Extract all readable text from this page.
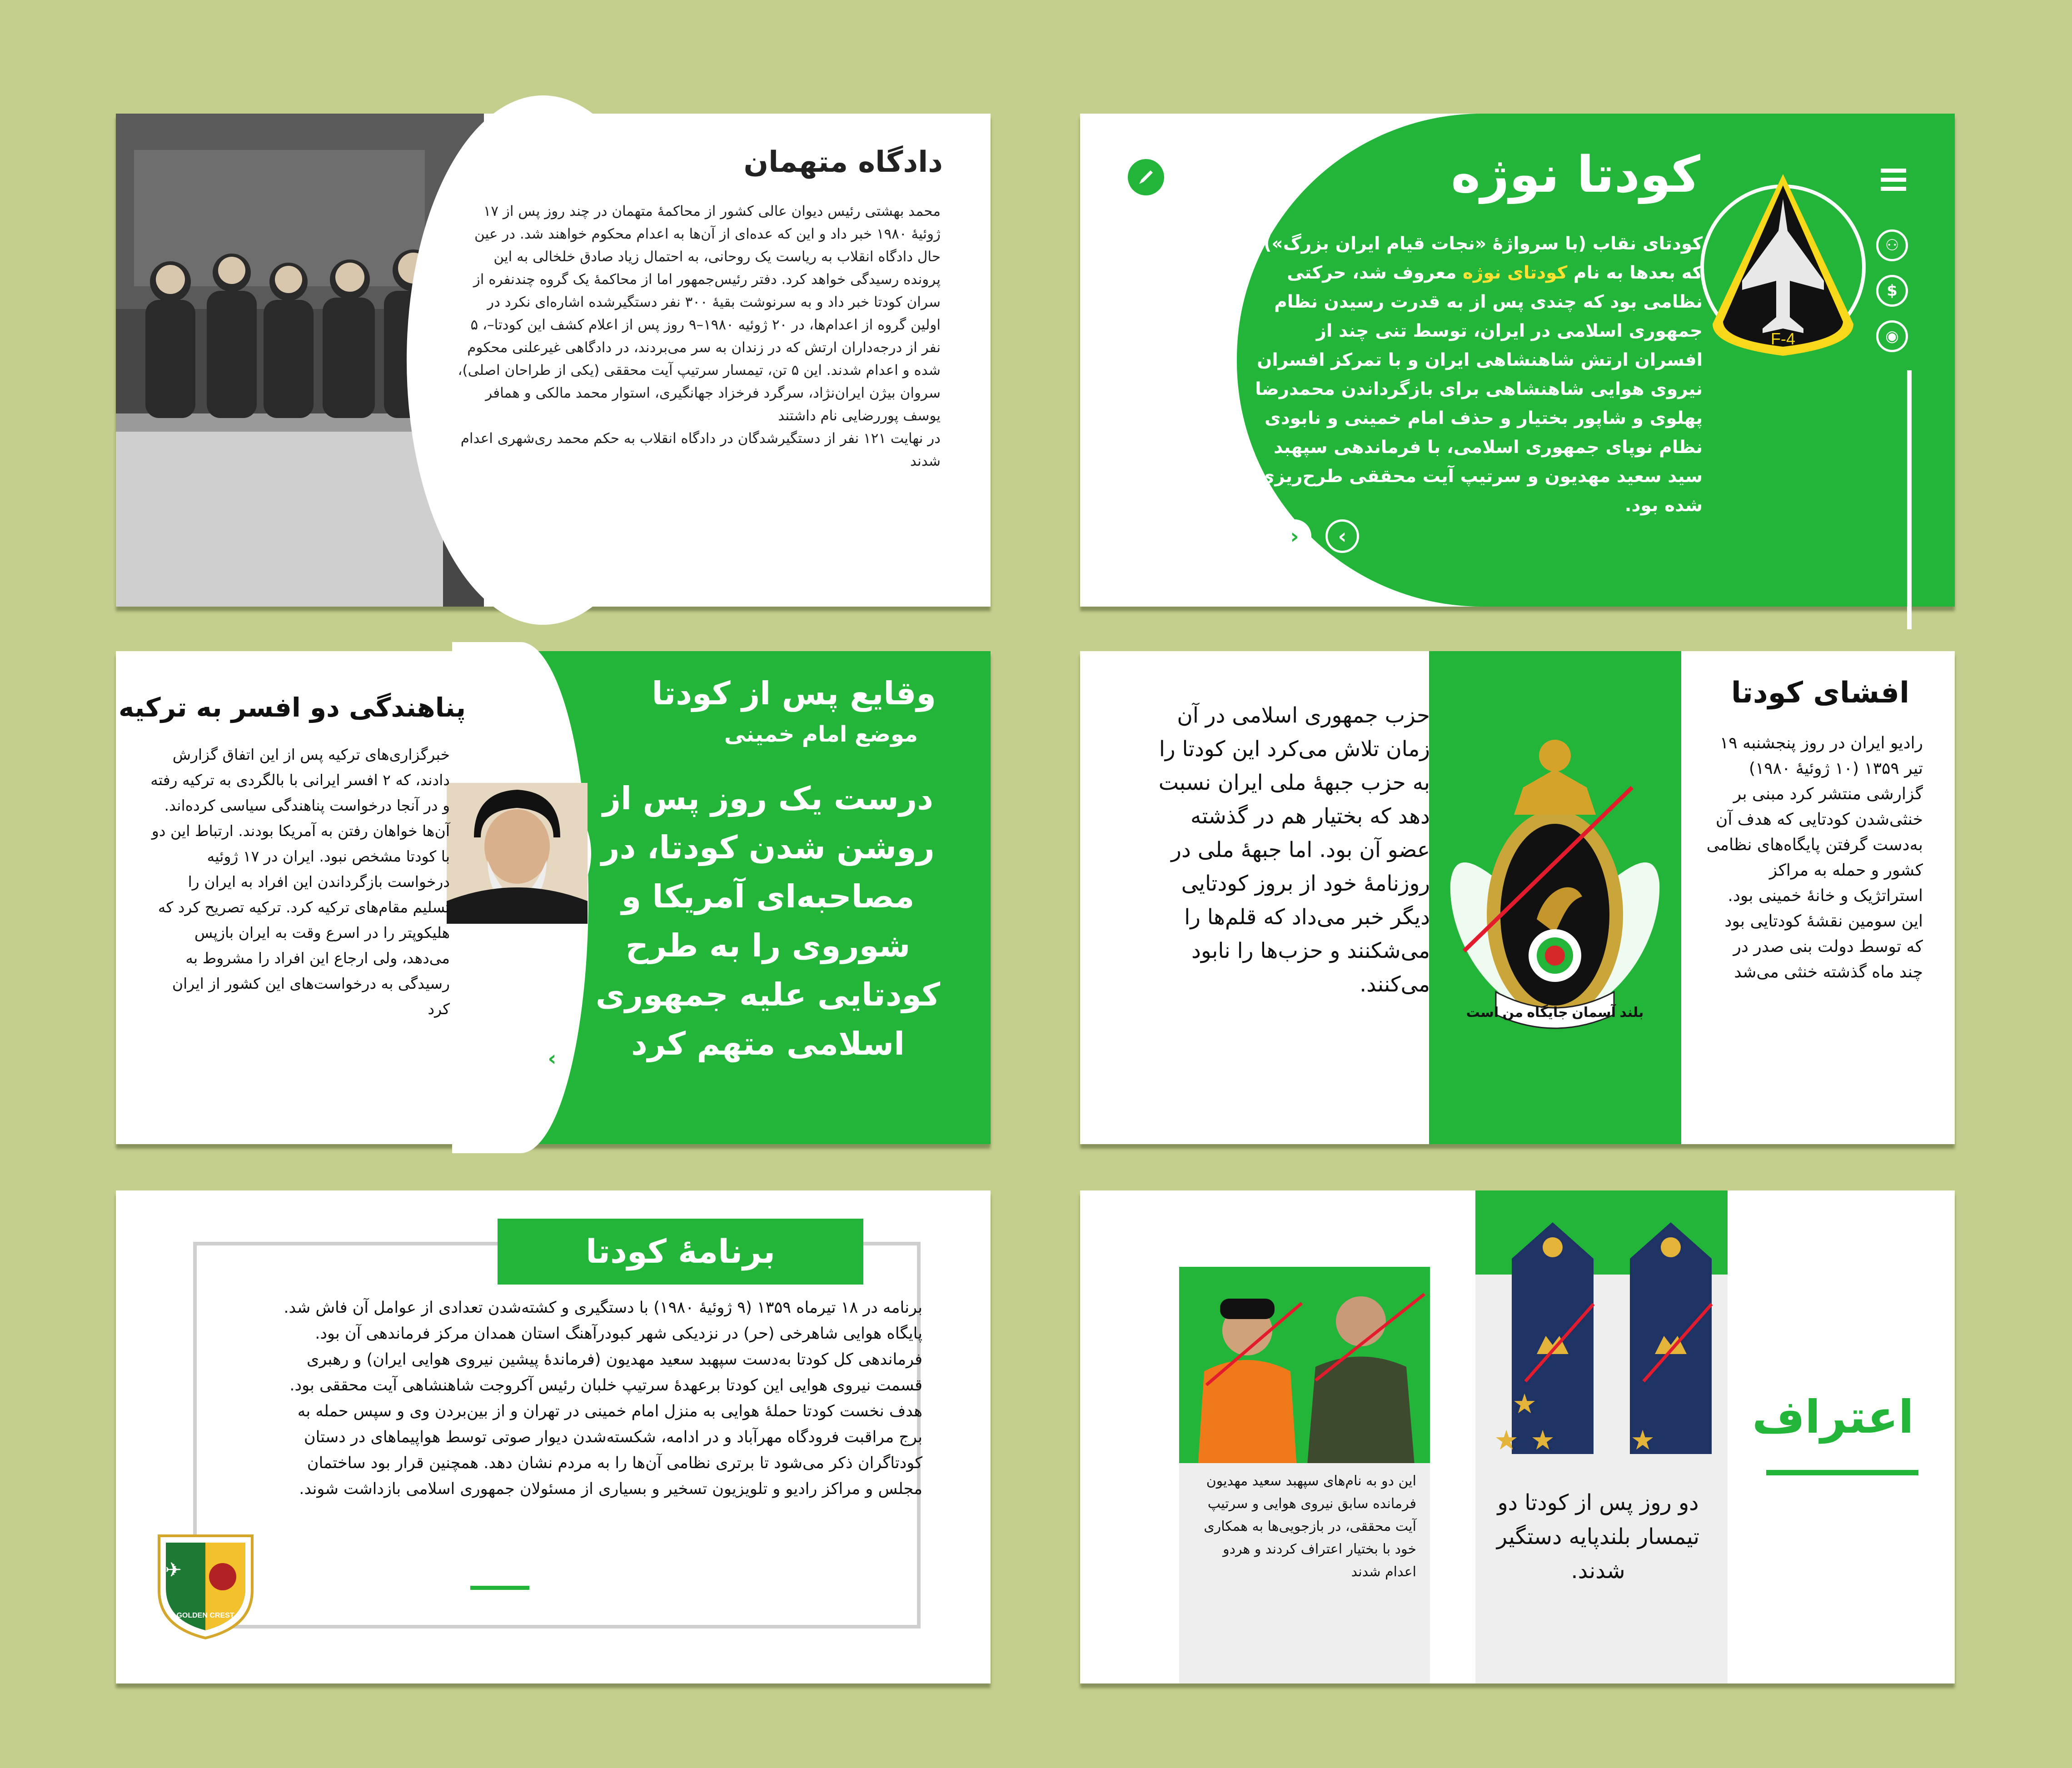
⚇
$
◉
F-4
کودتا نوژه
کودتای نقاب (با سرواژهٔ «نجات قیام ایران بزرگ») که بعدها به نام کودتای نوژه معروف شد، حرکتی نظامی بود که چندی پس از به قدرت رسیدن نظام جمهوری اسلامی در ایران، توسط تنی چند از افسران ارتش شاهنشاهی ایران و با تمرکز افسران نیروی هوایی شاهنشاهی برای بازگرداندن محمدرضا پهلوی و شاپور بختیار و حذف امام خمینی و نابودی نظام نوپای جمهوری اسلامی، با فرماندهی سپهبد سید سعید مهدیون و سرتیپ آیت محققی طرح‌ریزی شده بود.
‹	›
دادگاه متهمان
محمد بهشتی رئیس دیوان عالی کشور از محاکمهٔ متهمان در چند روز پس از ۱۷ ژوئیهٔ ۱۹۸۰ خبر داد و این که عده‌ای از آن‌ها به اعدام محکوم خواهند شد. در عین حال دادگاه انقلاب به ریاست یک روحانی، به احتمال زیاد صادق خلخالی به این پرونده رسیدگی خواهد کرد. دفتر رئیس‌جمهور اما از محاکمهٔ یک گروه چندنفره از سران کودتا خبر داد و به سرنوشت بقیهٔ ۳۰۰ نفر دستگیرشده اشاره‌ای نکرد در اولین گروه از اعدام‌ها، در ۲۰ ژوئیه ۱۹۸۰–۹ روز پس از اعلام کشف این کودتا–، ۵ نفر از درجه‌داران ارتش که در زندان به سر می‌بردند، در دادگاهی غیرعلنی محکوم شده و اعدام شدند. این ۵ تن، تیمسار سرتیپ آیت محققی (یکی از طراحان اصلی)، سروان بیژن ایران‌نژاد، سرگرد فرخزاد جهانگیری، استوار محمد مالکی و همافر یوسف پوررضایی نام داشتند
در نهایت ۱۲۱ نفر از دستگیرشدگان در دادگاه انقلاب به حکم محمد ری‌شهری اعدام شدند
بلند آسمان جایگاه من است
افشای کودتا
رادیو ایران در روز پنجشنبه ۱۹ تیر ۱۳۵۹ (۱۰ ژوئیهٔ ۱۹۸۰) گزارشی منتشر کرد مبنی بر خنثی‌شدن کودتایی که هدف آن به‌دست گرفتن پایگاه‌های نظامی کشور و حمله به مراکز استراتژیک و خانهٔ خمینی بود. این سومین نقشهٔ کودتایی بود که توسط دولت بنی صدر در چند ماه گذشته خنثی می‌شد
حزب جمهوری اسلامی در آن زمان تلاش می‌کرد این کودتا را به حزب جبههٔ ملی ایران نسبت دهد که بختیار هم در گذشته عضو آن بود. اما جبههٔ ملی در روزنامهٔ خود از بروز کودتایی دیگر خبر می‌داد که قلم‌ها را می‌شکنند و حزب‌ها را نابود می‌کنند.
وقایع پس از کودتا
موضع امام خمینی
درست یک روز پس از روشن شدن کودتا، در مصاحبه‌ای آمریکا و شوروی را به طرح کودتایی علیه جمهوری اسلامی متهم کرد
›
پناهندگی دو افسر به ترکیه
خبرگزاری‌های ترکیه پس از این اتفاق گزارش دادند، که ۲ افسر ایرانی با بالگردی به ترکیه رفته و در آنجا درخواست پناهندگی سیاسی کرده‌اند. آن‌ها خواهان رفتن به آمریکا بودند. ارتباط این دو با کودتا مشخص نبود. ایران در ۱۷ ژوئیه درخواست بازگرداندن این افراد به ایران را تسلیم مقام‌های ترکیه کرد. ترکیه تصریح کرد که هلیکوپتر را در اسرع وقت به ایران بازپس می‌دهد، ولی ارجاع این افراد را مشروط به رسیدگی به درخواست‌های این کشور از ایران کرد
اعتراف
★
★ ★	★
دو روز پس از کودتا دو تیمسار بلندپایه دستگیر شدند.
این دو به نام‌های سپهبد سعید مهدیون فرمانده سابق نیروی هوایی و سرتیپ آیت محققی، در بازجویی‌ها به همکاری خود با بختیار اعتراف کردند و هردو اعدام شدند
برنامهٔ کودتا
برنامه در ۱۸ تیرماه ۱۳۵۹ (۹ ژوئیهٔ ۱۹۸۰) با دستگیری و کشته‌شدن تعدادی از عوامل آن فاش شد. پایگاه هوایی شاهرخی (حر) در نزدیکی شهر کبودرآهنگ استان همدان مرکز فرماندهی آن بود. فرماندهی کل کودتا به‌دست سپهبد سعید مهدیون (فرماندهٔ پیشین نیروی هوایی ایران) و رهبری قسمت نیروی هوایی این کودتا برعهدهٔ سرتیپ خلبان رئیس آکروجت شاهنشاهی آیت محققی بود. هدف نخست کودتا حملهٔ هوایی به منزل امام خمینی در تهران و از بین‌بردن وی و سپس حمله به برج مراقبت فرودگاه مهرآباد و در ادامه، شکسته‌شدن دیوار صوتی توسط هواپیماهای در دستان کودتاگران ذکر می‌شود تا برتری نظامی آن‌ها را به مردم نشان دهد. همچنین قرار بود ساختمان مجلس و مراکز رادیو و تلویزیون تسخیر و بسیاری از مسئولان جمهوری اسلامی بازداشت شوند.
✈
GOLDEN CREST
